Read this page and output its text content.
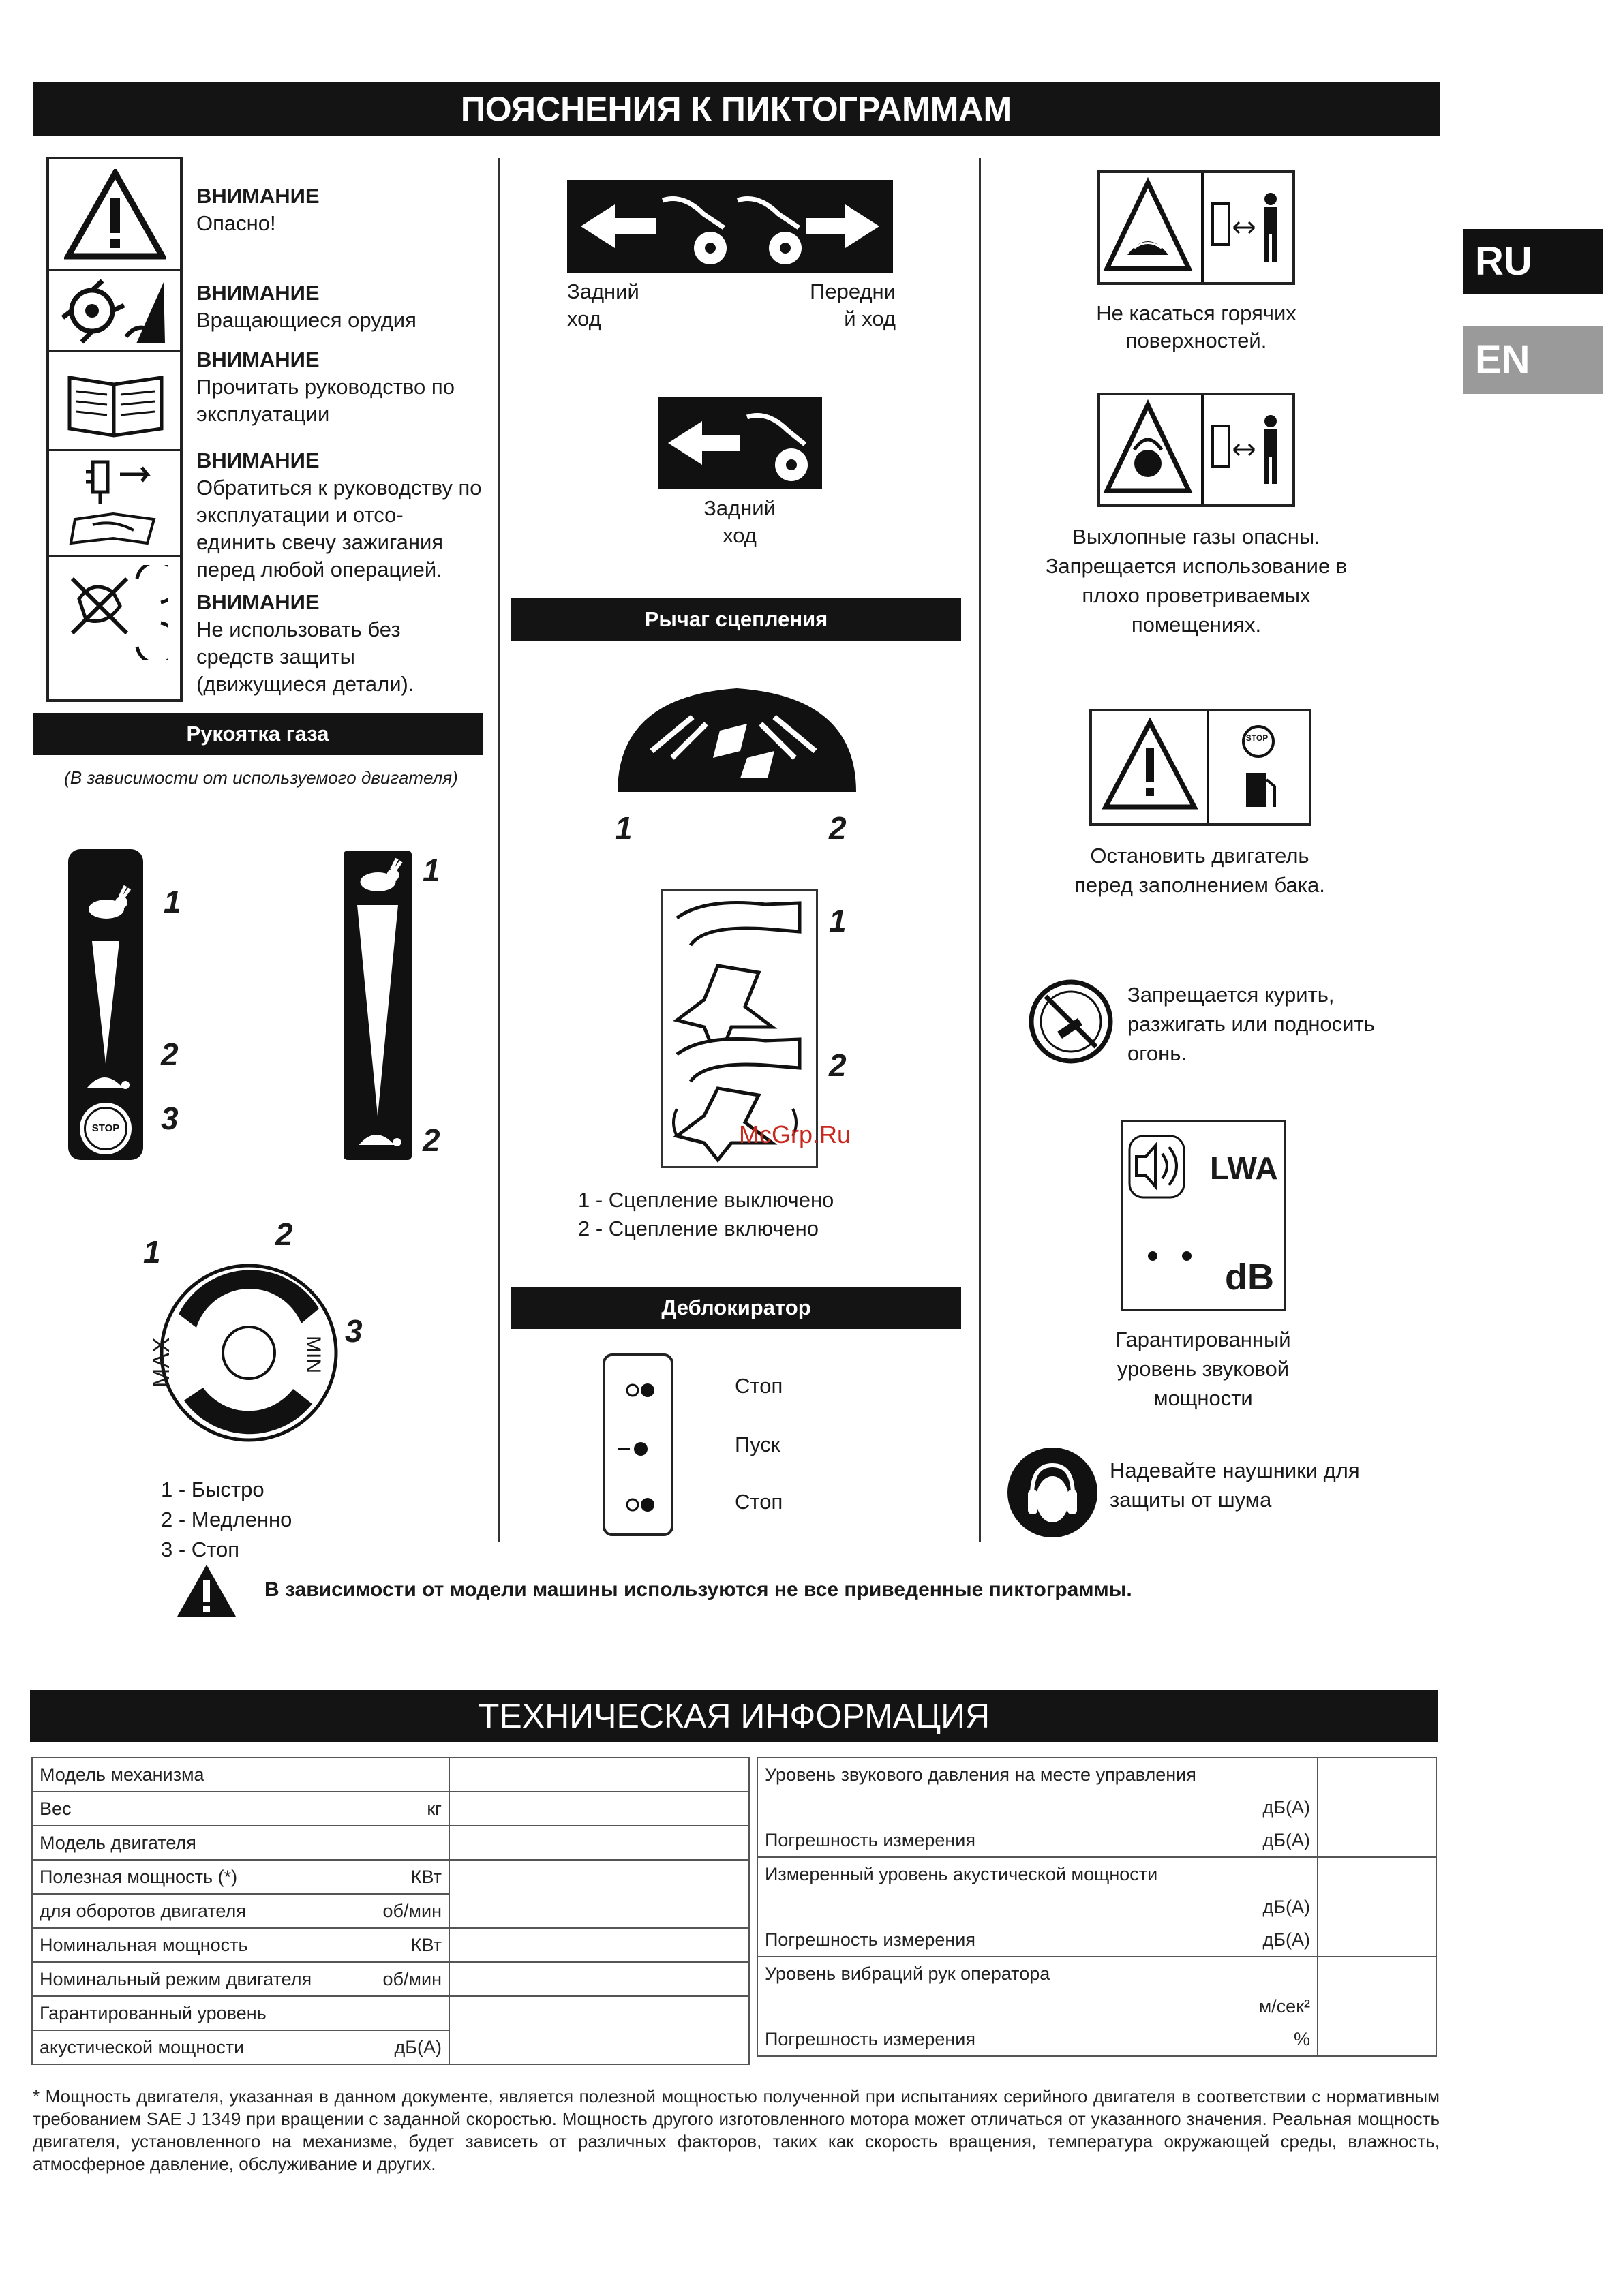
ПОЯСНЕНИЯ К ПИКТОГРАММАМ
RU
EN
ВНИМАНИЕ
Опасно!
ВНИМАНИЕ
Вращающиеся орудия
ВНИМАНИЕ
Прочитать руководство по эксплуатации
ВНИМАНИЕ
Обратиться к руководству по эксплуатации и отсо-единить свечу зажигания перед любой операцией.
ВНИМАНИЕ
Не использовать без средств защиты (движущиеся детали).
Рукоятка газа
(В зависимости от используемого двигателя)
STOP
1
2
3
1
2
MAX	MIN
1	2
3
1 - Быстро
2 - Медленно
3 - Стоп
Задний ход
Передни й ход
Задний ход
Рычаг сцепления
1	2
1
2
McGrp.Ru
1 - Сцепление выключено
2 - Сцепление включено
Деблокиратор
Стоп
Пуск
Стоп
Не касаться горячих поверхностей.
Выхлопные газы опасны. Запрещается использование в плохо проветриваемых помещениях.
STOP
Остановить двигатель перед заполнением бака.
Запрещается курить, разжигать или подносить огонь.
LWA
dB
Гарантированный уровень звуковой мощности
Надевайте наушники для защиты от шума
В зависимости от модели машины используются не все приведенные пиктограммы.
ТЕХНИЧЕСКАЯ ИНФОРМАЦИЯ
Модель механизма	

Вес кг	

Модель двигателя	

Полезная мощность (*) КВт	

для оборотов двигателя об/мин	

Номинальная мощность КВт	

Номинальный режим двигателя об/мин	

Гарантированный уровень	

акустической мощности дБ(А)	
Уровень звукового давления на месте управления	

дБ(А)	

Погрешность измерения дБ(А)	

Измеренный уровень акустической мощности	

дБ(А)	

Погрешность измерения дБ(А)	

Уровень вибраций рук оператора	

м/сек²	

Погрешность измерения %	
* Мощность двигателя, указанная в данном документе, является полезной мощностью полученной при испытаниях серийного двигателя в соответствии с нормативным требованием SAE J 1349 при вращении с заданной скоростью. Мощность другого изготовленного мотора может отличаться от указанного значения. Реальная мощность двигателя, установленного на механизме, будет зависеть от различных факторов, таких как скорость вращения, температура окружающей среды, влажность, атмосферное давление, обслуживание и других.
